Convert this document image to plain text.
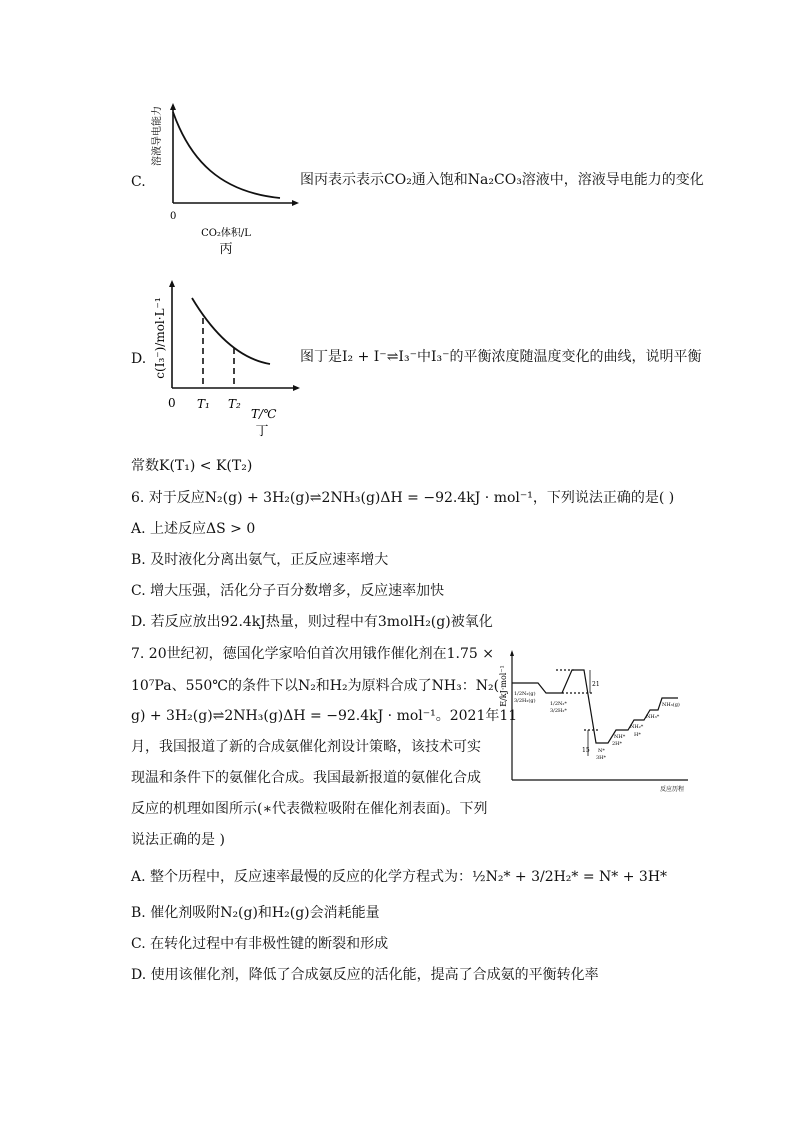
C.
溶液导电能力
0
CO₂体积/L
丙
图丙表示表示CO₂通入饱和Na₂CO₃溶液中，溶液导电能力的变化
D. c(I₃⁻)/mol·L⁻¹
0 T₁ T₂
T/℃
丁
图丁是I₂ + I⁻⇌I₃⁻中I₃⁻的平衡浓度随温度变化的曲线，说明平衡
常数K(T₁) < K(T₂)
6. 对于反应N₂(g) + 3H₂(g)⇌2NH₃(g)ΔH = −92.4kJ · mol⁻¹，下列说法正确的是( )
A. 上述反应ΔS > 0
B. 及时液化分离出氨气，正反应速率增大
C. 增大压强，活化分子百分数增多，反应速率加快
D. 若反应放出92.4kJ热量，则过程中有3molH₂(g)被氧化
7. 20世纪初，德国化学家哈伯首次用锇作催化剂在1.75 ×
10⁷Pa、550℃的条件下以N₂和H₂为原料合成了NH₃：N₂(
g) + 3H₂(g)⇌2NH₃(g)ΔH = −92.4kJ · mol⁻¹。2021年11
月，我国报道了新的合成氨催化剂设计策略，该技术可实
现温和条件下的氨催化合成。我国最新报道的氨催化合成
反应的机理如图所示(∗代表微粒吸附在催化剂表面)。下列
说法正确的是 )
E/kJ·mol⁻¹ 1/2N₂(g)
3/2H₂(g)	1/2N₂*
3/2H₂*
21
15 N*
3H*
NH*
2H*
NH₂*
H*
NH₃*
NH₃(g)
反应历程
A. 整个历程中，反应速率最慢的反应的化学方程式为：½N₂* + 3/2H₂* = N* + 3H*
B. 催化剂吸附N₂(g)和H₂(g)会消耗能量
C. 在转化过程中有非极性键的断裂和形成
D. 使用该催化剂，降低了合成氨反应的活化能，提高了合成氨的平衡转化率
